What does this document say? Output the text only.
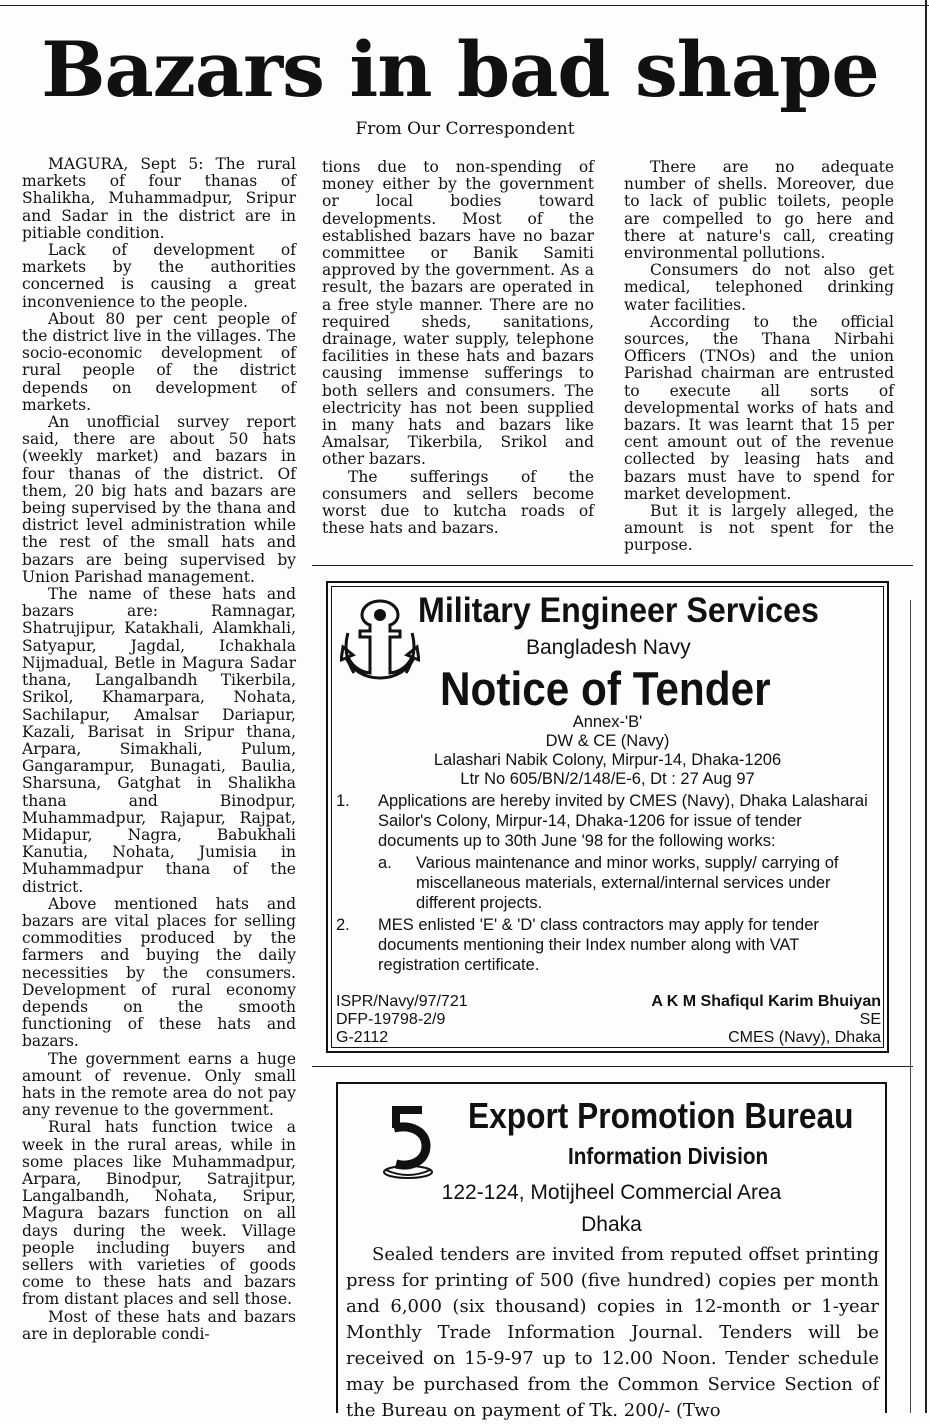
Bazars in bad shape
From Our Correspondent

MAGURA, Sept 5: The rural markets of four thanas of Shalikha, Muhammadpur, Sripur and Sadar in the district are in pitiable condition.

Lack of development of markets by the authorities concerned is causing a great inconvenience to the people.

About 80 per cent people of the district live in the villages. The socio-economic development of rural people of the district depends on development of markets.

An unofficial survey report said, there are about 50 hats (weekly market) and bazars in four thanas of the district. Of them, 20 big hats and bazars are being supervised by the thana and district level administration while the rest of the small hats and bazars are being supervised by Union Parishad management.

The name of these hats and bazars are: Ramnagar, Shatrujipur, Katakhali, Alamkhali, Satyapur, Jagdal, Ichakhala Nijmadual, Betle in Magura Sadar thana, Langalbandh Tikerbila, Srikol, Khamarpara, Nohata, Sachilapur, Amalsar Dariapur, Kazali, Barisat in Sripur thana, Arpara, Simakhali, Pulum, Gangarampur, Bunagati, Baulia, Sharsuna, Gatghat in Shalikha thana and Binodpur, Muhammadpur, Rajapur, Rajpat, Midapur, Nagra, Babukhali Kanutia, Nohata, Jumisia in Muhammadpur thana of the district.

Above mentioned hats and bazars are vital places for selling commodities produced by the farmers and buying the daily necessities by the consumers. Development of rural economy depends on the smooth functioning of these hats and bazars.

The government earns a huge amount of revenue. Only small hats in the remote area do not pay any revenue to the government.

Rural hats function twice a week in the rural areas, while in some places like Muhammadpur, Arpara, Binodpur, Satrajitpur, Langalbandh, Nohata, Sripur, Magura bazars function on all days during the week. Village people including buyers and sellers with varieties of goods come to these hats and bazars from distant places and sell those.

Most of these hats and bazars are in deplorable condi-

tions due to non-spending of money either by the government or local bodies toward developments. Most of the established bazars have no bazar committee or Banik Samiti approved by the government. As a result, the bazars are operated in a free style manner. There are no required sheds, sanitations, drainage, water supply, telephone facilities in these hats and bazars causing immense sufferings to both sellers and consumers. The electricity has not been supplied in many hats and bazars like Amalsar, Tikerbila, Srikol and other bazars.

The sufferings of the consumers and sellers become worst due to kutcha roads of these hats and bazars.

There are no adequate number of shells. Moreover, due to lack of public toilets, people are compelled to go here and there at nature's call, creating environmental pollutions.

Consumers do not also get medical, telephoned drinking water facilities.

According to the official sources, the Thana Nirbahi Officers (TNOs) and the union Parishad chairman are entrusted to execute all sorts of developmental works of hats and bazars. It was learnt that 15 per cent amount out of the revenue collected by leasing hats and bazars must have to spend for market development.

But it is largely alleged, the amount is not spent for the purpose.

Military Engineer Services
Bangladesh Navy
Notice of Tender
Annex-'B'
DW & CE (Navy)
Lalashari Nabik Colony, Mirpur-14, Dhaka-1206
Ltr No 605/BN/2/148/E-6, Dt : 27 Aug 97
1. Applications are hereby invited by CMES (Navy), Dhaka Lalasharai Sailor's Colony, Mirpur-14, Dhaka-1206 for issue of tender documents up to 30th June '98 for the following works:
a. Various maintenance and minor works, supply/ carrying of miscellaneous materials, external/internal services under different projects.
2. MES enlisted 'E' & 'D' class contractors may apply for tender documents mentioning their Index number along with VAT registration certificate.
ISPR/Navy/97/721
DFP-19798-2/9
G-2112
A K M Shafiqul Karim Bhuiyan
SE
CMES (Navy), Dhaka
Export Promotion Bureau
Information Division
122-124, Motijheel Commercial Area
Dhaka

Sealed tenders are invited from reputed offset printing press for printing of 500 (five hundred) copies per month and 6,000 (six thousand) copies in 12-month or 1-year Monthly Trade Information Journal. Tenders will be received on 15-9-97 up to 12.00 Noon. Tender schedule may be purchased from the Common Service Section of the Bureau on payment of Tk. 200/- (Two
